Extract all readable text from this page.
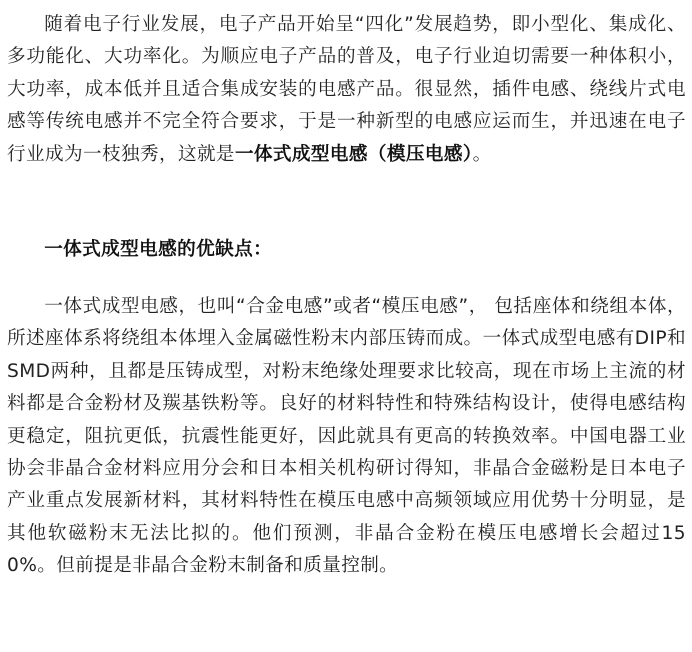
随着电子行业发展，电子产品开始呈“四化”发展趋势，即小型化、集成化、多功能化、大功率化。为顺应电子产品的普及，电子行业迫切需要一种体积小，大功率，成本低并且适合集成安装的电感产品。很显然，插件电感、绕线片式电感等传统电感并不完全符合要求，于是一种新型的电感应运而生，并迅速在电子行业成为一枝独秀，这就是一体式成型电感（模压电感）。

一体式成型电感的优缺点：

一体式成型电感，也叫“合金电感”或者“模压电感”， 包括座体和绕组本体，所述座体系将绕组本体埋入金属磁性粉末内部压铸而成。一体式成型电感有DIP和SMD两种，且都是压铸成型，对粉末绝缘处理要求比较高，现在市场上主流的材料都是合金粉材及羰基铁粉等。良好的材料特性和特殊结构设计，使得电感结构更稳定，阻抗更低，抗震性能更好，因此就具有更高的转换效率。中国电器工业协会非晶合金材料应用分会和日本相关机构研讨得知，非晶合金磁粉是日本电子产业重点发展新材料，其材料特性在模压电感中高频领域应用优势十分明显，是其他软磁粉末无法比拟的。他们预测，非晶合金粉在模压电感增长会超过150%。但前提是非晶合金粉末制备和质量控制。
